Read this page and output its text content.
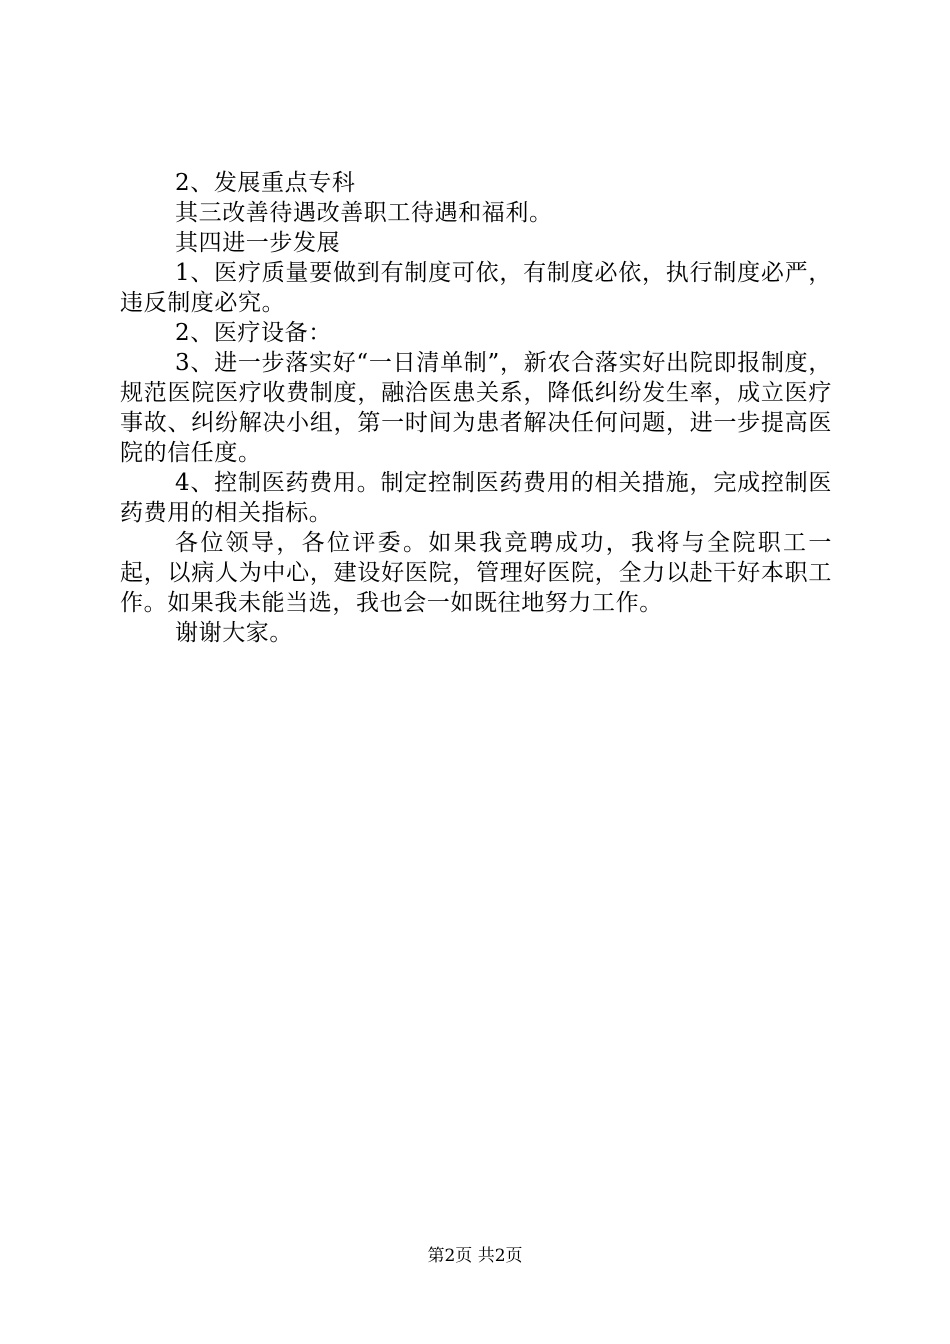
2、发展重点专科

其三改善待遇改善职工待遇和福利。

其四进一步发展

1、医疗质量要做到有制度可依，有制度必依，执行制度必严，违反制度必究。

2、医疗设备：

3、进一步落实好“一日清单制”，新农合落实好出院即报制度，规范医院医疗收费制度，融洽医患关系，降低纠纷发生率，成立医疗事故、纠纷解决小组，第一时间为患者解决任何问题，进一步提高医院的信任度。

4、控制医药费用。制定控制医药费用的相关措施，完成控制医药费用的相关指标。

各位领导，各位评委。如果我竞聘成功，我将与全院职工一起，以病人为中心，建设好医院，管理好医院，全力以赴干好本职工作。如果我未能当选，我也会一如既往地努力工作。

谢谢大家。

第2页 共2页
